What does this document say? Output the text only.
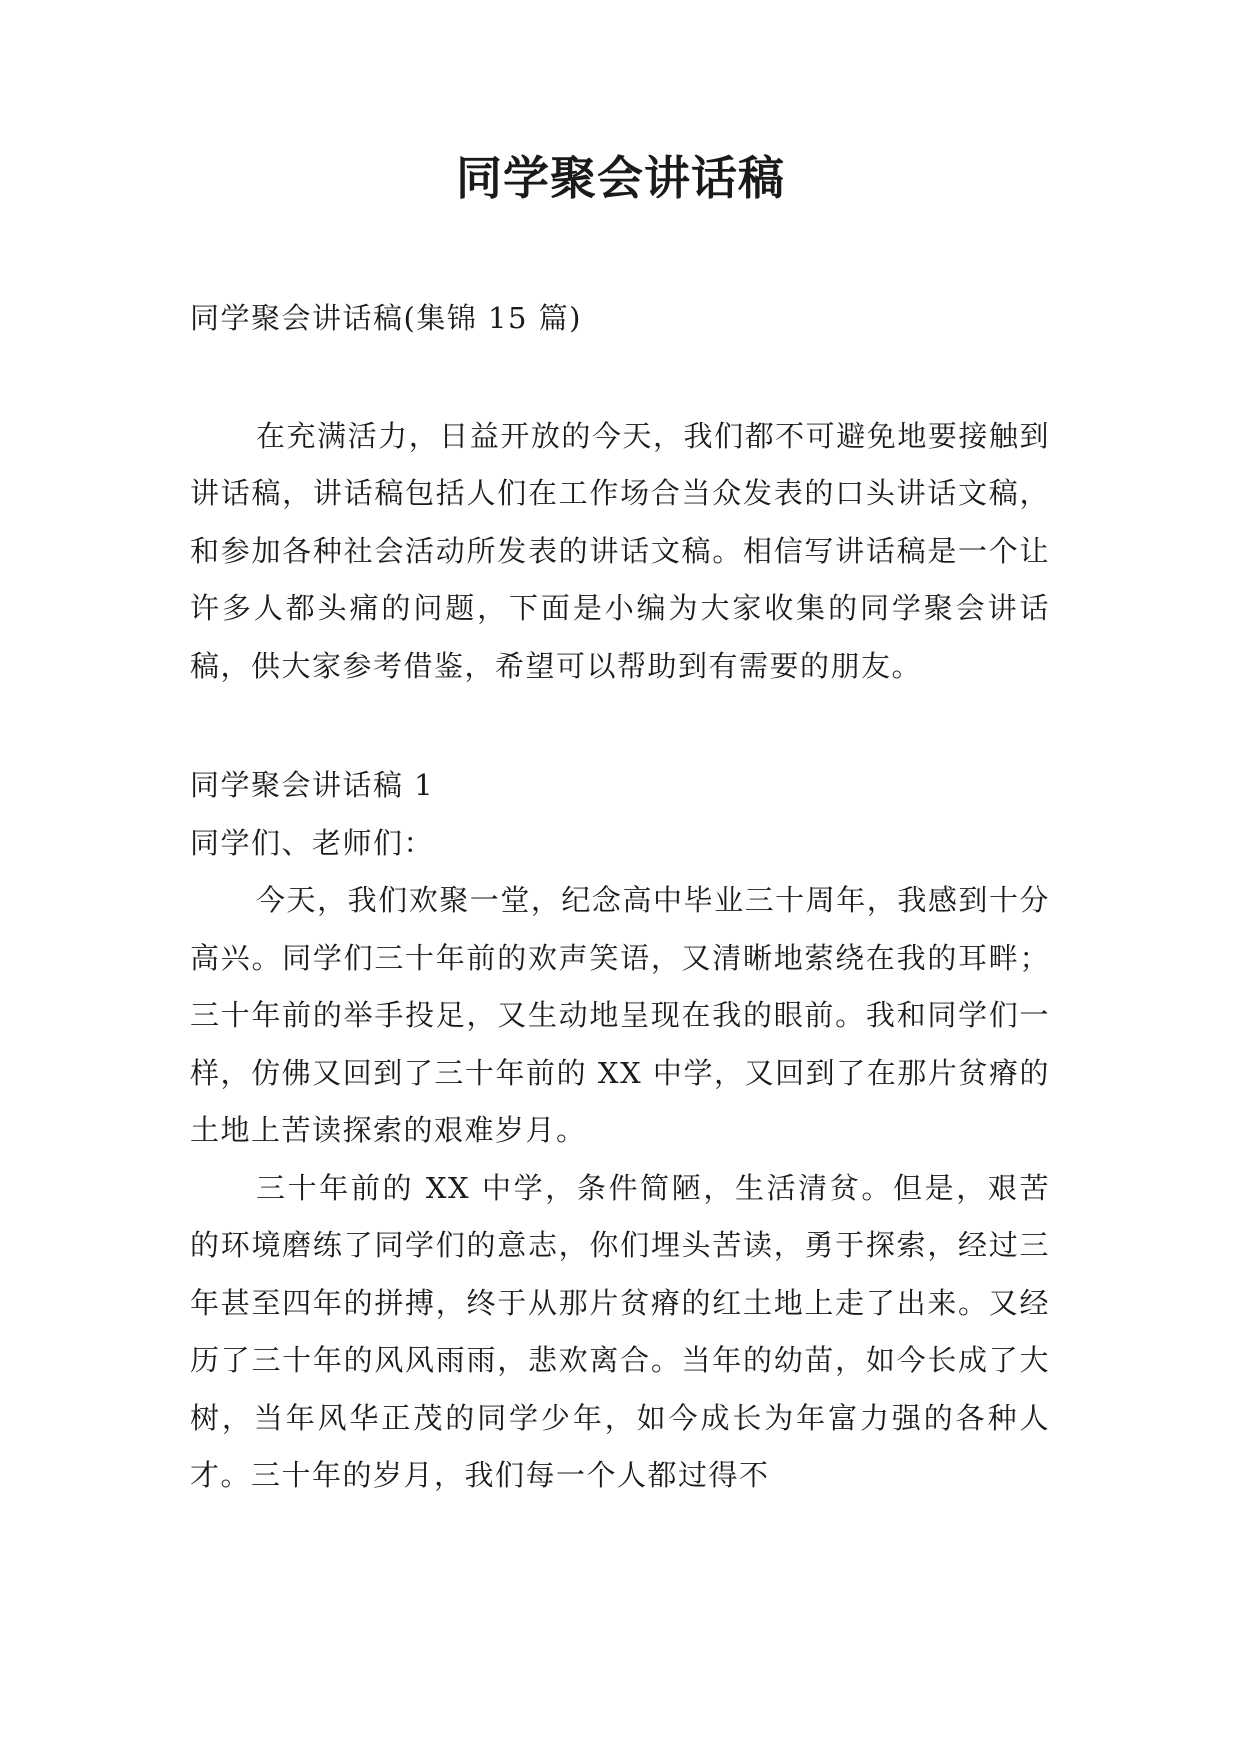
同学聚会讲话稿

同学聚会讲话稿(集锦 15 篇)

在充满活力，日益开放的今天，我们都不可避免地要接触到讲话稿，讲话稿包括人们在工作场合当众发表的口头讲话文稿，和参加各种社会活动所发表的讲话文稿。相信写讲话稿是一个让许多人都头痛的问题，下面是小编为大家收集的同学聚会讲话稿，供大家参考借鉴，希望可以帮助到有需要的朋友。

同学聚会讲话稿 1

同学们、老师们：

今天，我们欢聚一堂，纪念高中毕业三十周年，我感到十分高兴。同学们三十年前的欢声笑语，又清晰地萦绕在我的耳畔；三十年前的举手投足，又生动地呈现在我的眼前。我和同学们一样，仿佛又回到了三十年前的 XX 中学，又回到了在那片贫瘠的土地上苦读探索的艰难岁月。

三十年前的 XX 中学，条件简陋，生活清贫。但是，艰苦的环境磨练了同学们的意志，你们埋头苦读，勇于探索，经过三年甚至四年的拼搏，终于从那片贫瘠的红土地上走了出来。又经历了三十年的风风雨雨，悲欢离合。当年的幼苗，如今长成了大树，当年风华正茂的同学少年，如今成长为年富力强的各种人才。三十年的岁月，我们每一个人都过得不
